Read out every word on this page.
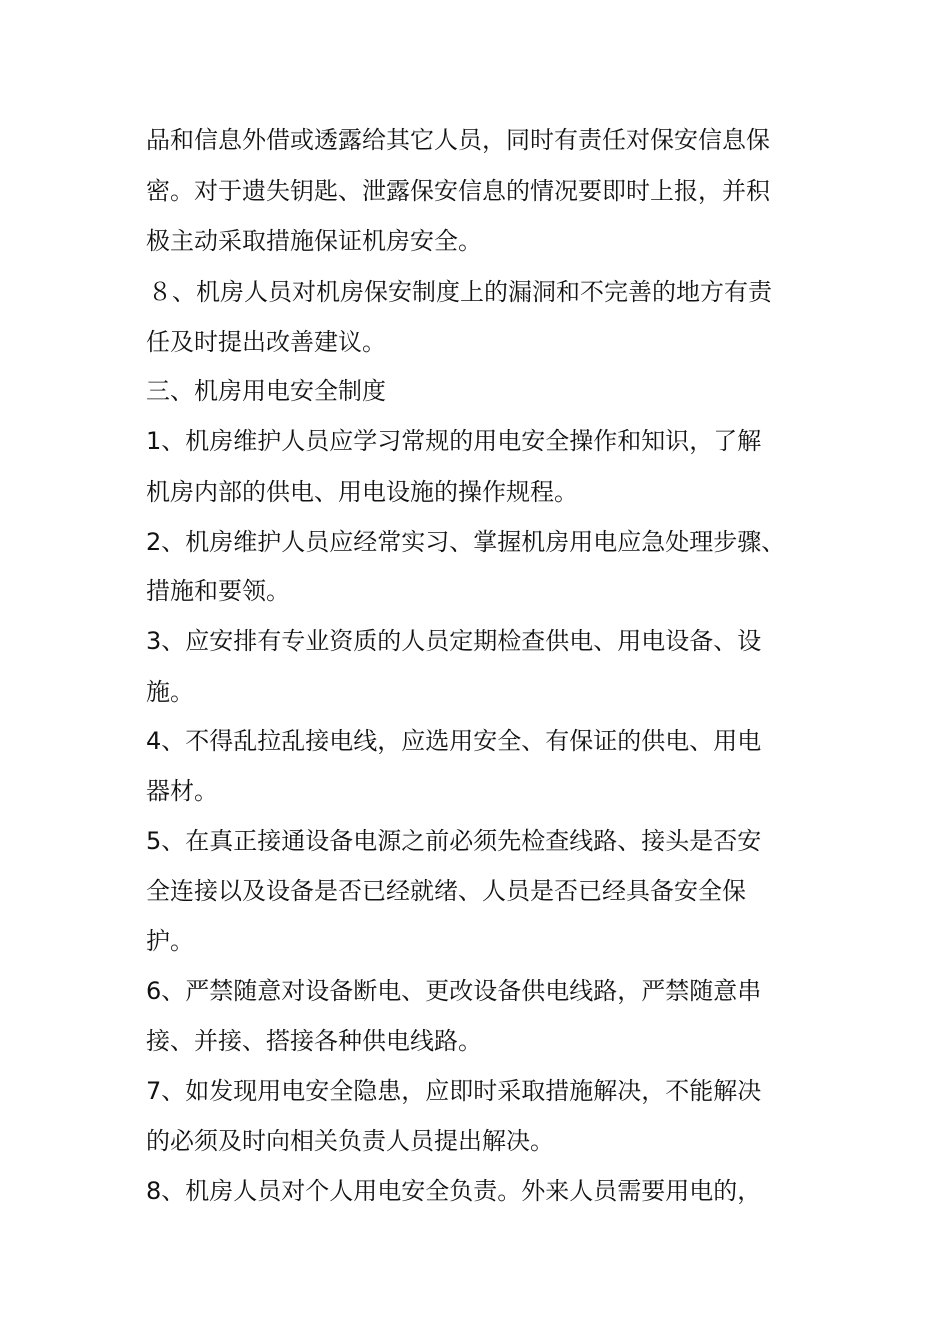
品和信息外借或透露给其它人员，同时有责任对保安信息保
密。对于遗失钥匙、泄露保安信息的情况要即时上报，并积
极主动采取措施保证机房安全。
８、机房人员对机房保安制度上的漏洞和不完善的地方有责
任及时提出改善建议。
三、机房用电安全制度
1、机房维护人员应学习常规的用电安全操作和知识，了解
机房内部的供电、用电设施的操作规程。
2、机房维护人员应经常实习、掌握机房用电应急处理步骤、
措施和要领。
3、应安排有专业资质的人员定期检查供电、用电设备、设
施。
4、不得乱拉乱接电线，应选用安全、有保证的供电、用电
器材。
5、在真正接通设备电源之前必须先检查线路、接头是否安
全连接以及设备是否已经就绪、人员是否已经具备安全保
护。
6、严禁随意对设备断电、更改设备供电线路，严禁随意串
接、并接、搭接各种供电线路。
7、如发现用电安全隐患，应即时采取措施解决，不能解决
的必须及时向相关负责人员提出解决。
8、机房人员对个人用电安全负责。外来人员需要用电的，
